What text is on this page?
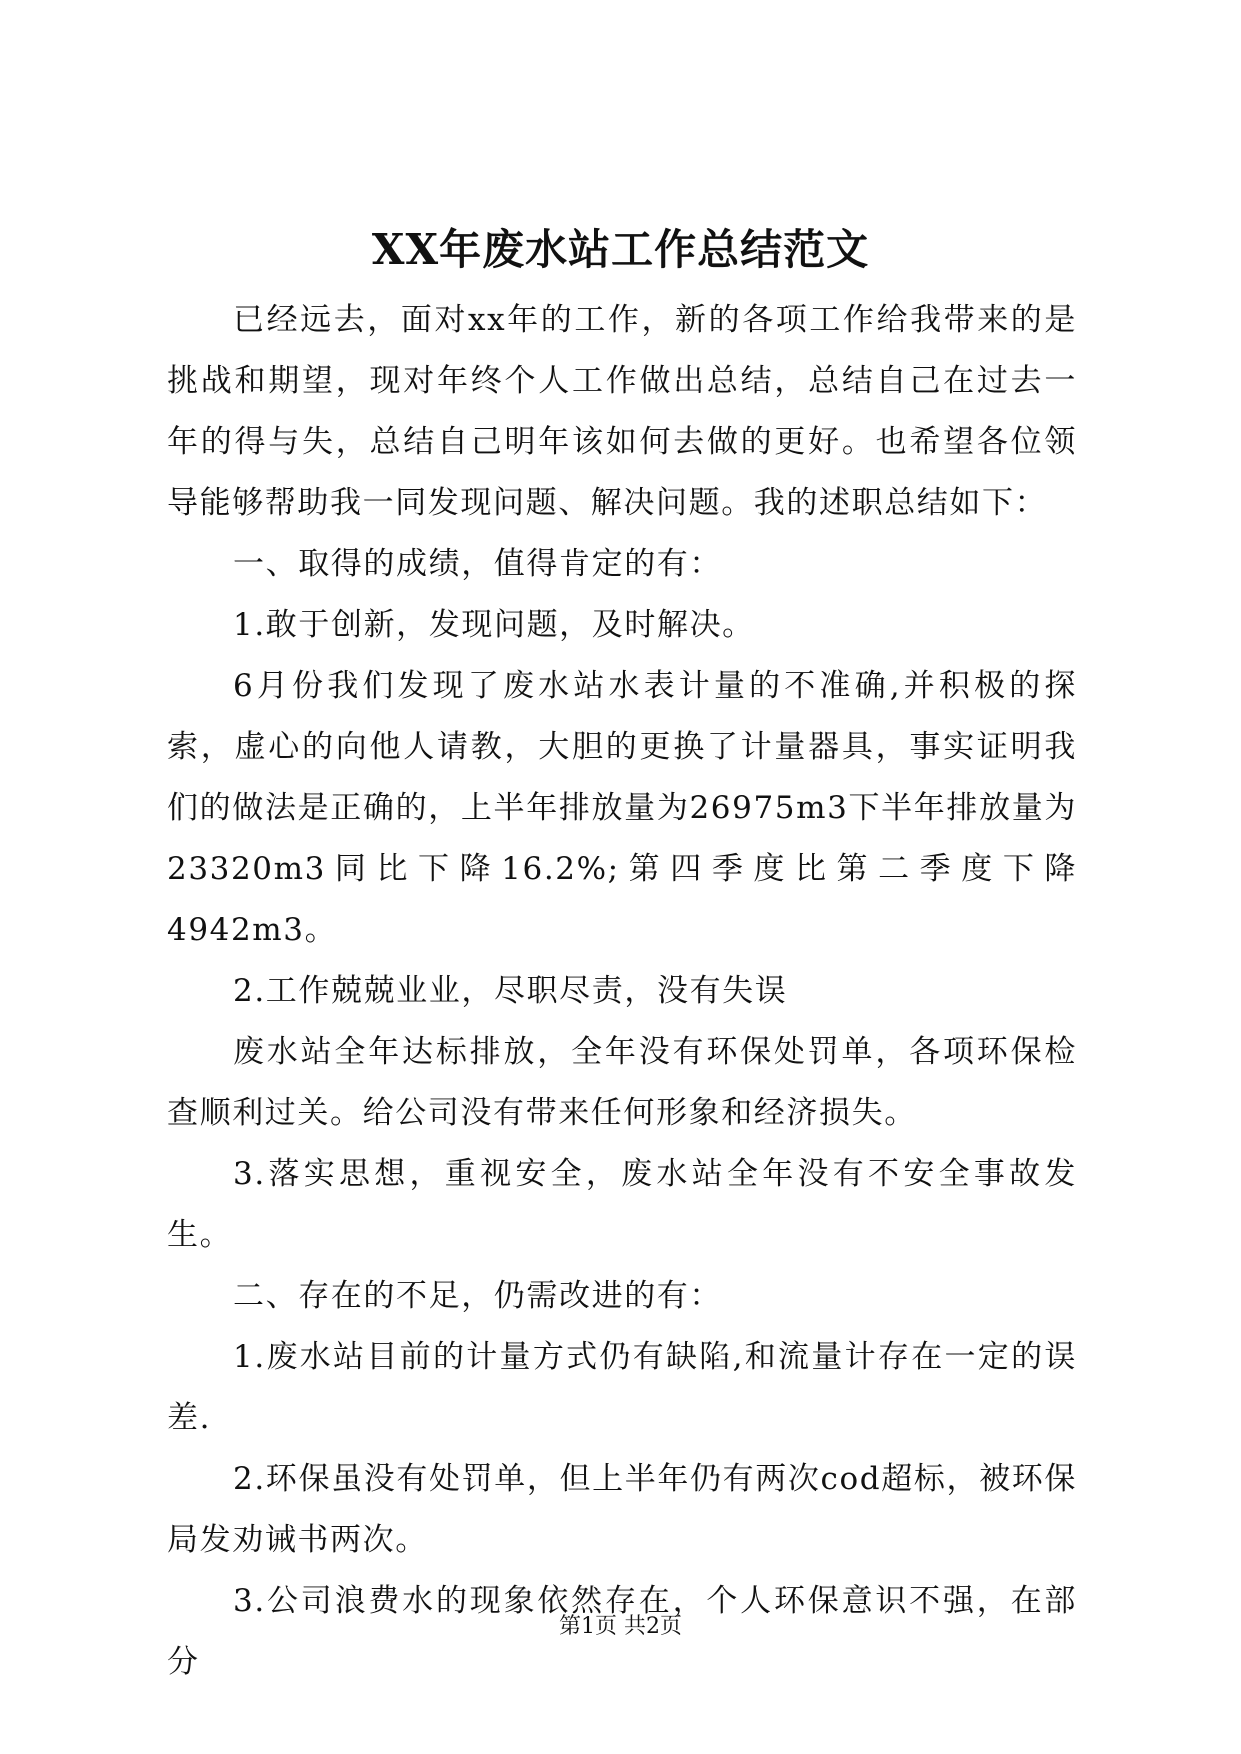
XX年废水站工作总结范文

已经远去，面对xx年的工作，新的各项工作给我带来的是挑战和期望，现对年终个人工作做出总结，总结自己在过去一年的得与失，总结自己明年该如何去做的更好。也希望各位领导能够帮助我一同发现问题、解决问题。我的述职总结如下：

一、取得的成绩，值得肯定的有：

1.敢于创新，发现问题，及时解决。

6月份我们发现了废水站水表计量的不准确,并积极的探索，虚心的向他人请教，大胆的更换了计量器具，事实证明我们的做法是正确的，上半年排放量为26975m3下半年排放量为23320m3同比下降16.2%;第四季度比第二季度下降4942m3。

2.工作兢兢业业，尽职尽责，没有失误

废水站全年达标排放，全年没有环保处罚单，各项环保检查顺利过关。给公司没有带来任何形象和经济损失。

3.落实思想，重视安全，废水站全年没有不安全事故发生。

二、存在的不足，仍需改进的有：

1.废水站目前的计量方式仍有缺陷,和流量计存在一定的误差.

2.环保虽没有处罚单，但上半年仍有两次cod超标，被环保局发劝诫书两次。

3.公司浪费水的现象依然存在，个人环保意识不强，在部分

第1页 共2页
